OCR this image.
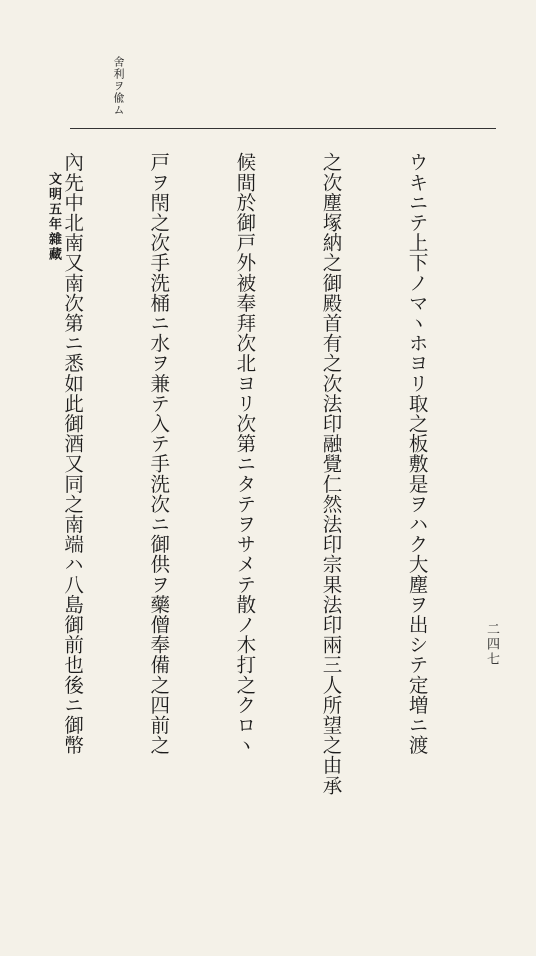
舍利ヲ偸ム
文明五年雜藏
二四七

ウキニテ上下ノマヽホヨリ取之板敷是ヲハク大塵ヲ出シテ定増ニ渡

之次塵塚納之御殿首有之次法印融覺仁然法印宗果法印兩三人所望之由承

候間於御戸外被奉拜次北ヨリ次第ニタテヲサメテ散ノ木打之クロヽ

戸ヲ閇之次手洗桶ニ水ヲ兼テ入テ手洗次ニ御供ヲ藥僧奉備之四前之

內先中北南又南次第ニ悉如此御酒又同之南端ハ八島御前也後ニ御幣
